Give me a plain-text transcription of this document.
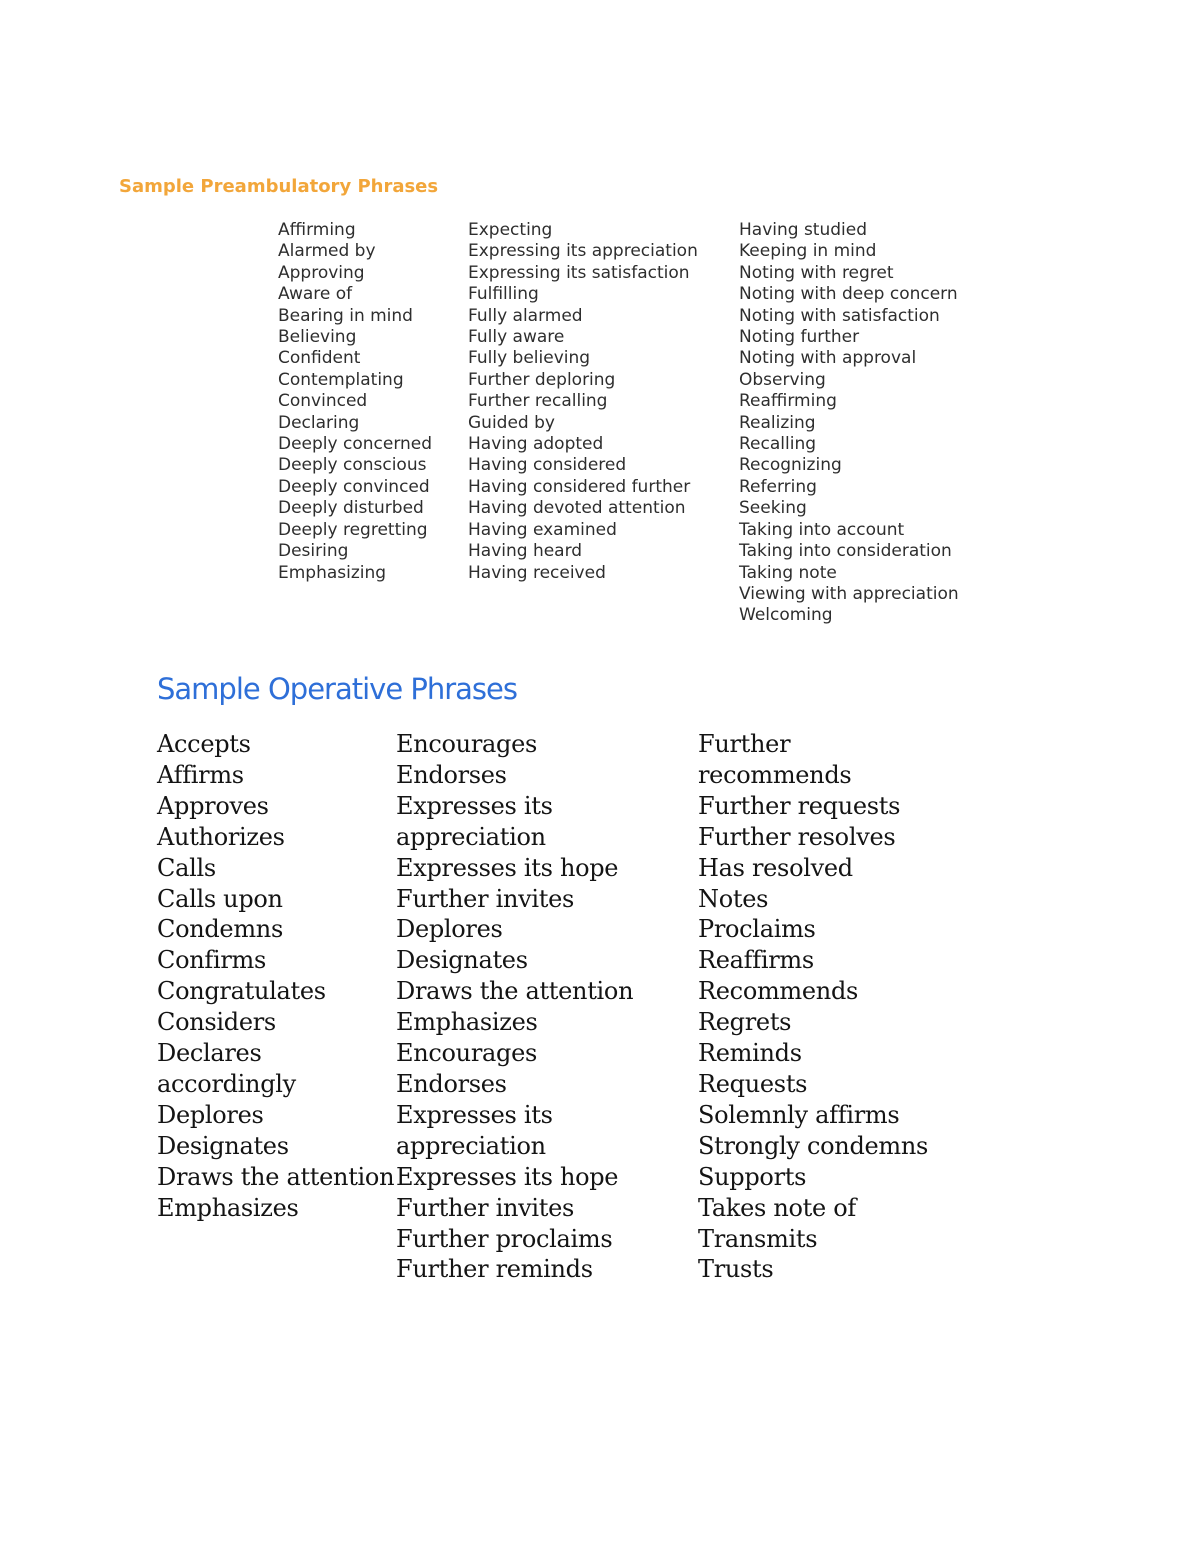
Sample Preambulatory Phrases
Affirming
Alarmed by
Approving
Aware of
Bearing in mind
Believing
Confident
Contemplating
Convinced
Declaring
Deeply concerned
Deeply conscious
Deeply convinced
Deeply disturbed
Deeply regretting
Desiring
Emphasizing
Expecting
Expressing its appreciation
Expressing its satisfaction
Fulfilling
Fully alarmed
Fully aware
Fully believing
Further deploring
Further recalling
Guided by
Having adopted
Having considered
Having considered further
Having devoted attention
Having examined
Having heard
Having received
Having studied
Keeping in mind
Noting with regret
Noting with deep concern
Noting with satisfaction
Noting further
Noting with approval
Observing
Reaffirming
Realizing
Recalling
Recognizing
Referring
Seeking
Taking into account
Taking into consideration
Taking note
Viewing with appreciation
Welcoming
Sample Operative Phrases
Accepts
Affirms
Approves
Authorizes
Calls
Calls upon
Condemns
Confirms
Congratulates
Considers
Declares
accordingly
Deplores
Designates
Draws the attention
Emphasizes
Encourages
Endorses
Expresses its
appreciation
Expresses its hope
Further invites
Deplores
Designates
Draws the attention
Emphasizes
Encourages
Endorses
Expresses its
appreciation
Expresses its hope
Further invites
Further proclaims
Further reminds
Further
recommends
Further requests
Further resolves
Has resolved
Notes
Proclaims
Reaffirms
Recommends
Regrets
Reminds
Requests
Solemnly affirms
Strongly condemns
Supports
Takes note of
Transmits
Trusts
